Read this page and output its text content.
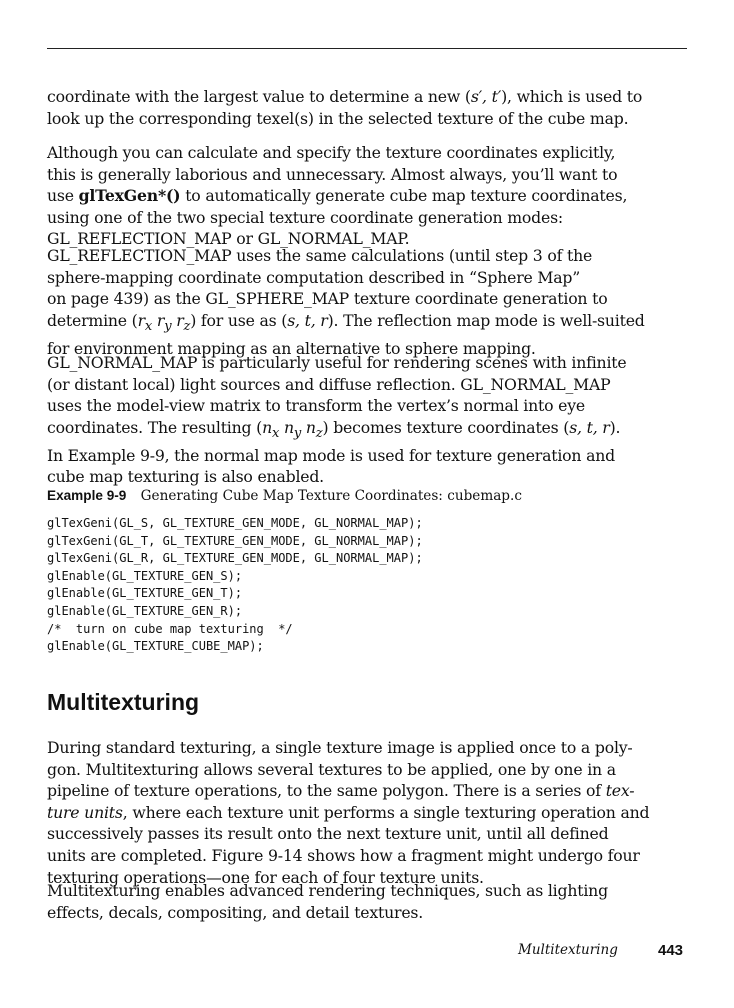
coordinate with the largest value to determine a new (s′, t′), which is used to
look up the corresponding texel(s) in the selected texture of the cube map.
Although you can calculate and specify the texture coordinates explicitly,
this is generally laborious and unnecessary. Almost always, you’ll want to
use glTexGen*() to automatically generate cube map texture coordinates,
using one of the two special texture coordinate generation modes:
GL_REFLECTION_MAP or GL_NORMAL_MAP.
GL_REFLECTION_MAP uses the same calculations (until step 3 of the
sphere-mapping coordinate computation described in “Sphere Map”
on page 439) as the GL_SPHERE_MAP texture coordinate generation to
determine ($r_x$ $r_y$ $r_z$) for use as (s, t, r). The reflection map mode is well-suited
for environment mapping as an alternative to sphere mapping.
GL_NORMAL_MAP is particularly useful for rendering scenes with infinite
(or distant local) light sources and diffuse reflection. GL_NORMAL_MAP
uses the model-view matrix to transform the vertex’s normal into eye
coordinates. The resulting ($n_x$ $n_y$ $n_z$) becomes texture coordinates (s, t, r).
In Example 9-9, the normal map mode is used for texture generation and
cube map texturing is also enabled.
Example 9-9 Generating Cube Map Texture Coordinates: cubemap.c
glTexGeni(GL_S, GL_TEXTURE_GEN_MODE, GL_NORMAL_MAP);
glTexGeni(GL_T, GL_TEXTURE_GEN_MODE, GL_NORMAL_MAP);
glTexGeni(GL_R, GL_TEXTURE_GEN_MODE, GL_NORMAL_MAP);
glEnable(GL_TEXTURE_GEN_S);
glEnable(GL_TEXTURE_GEN_T);
glEnable(GL_TEXTURE_GEN_R);
/*  turn on cube map texturing  */
glEnable(GL_TEXTURE_CUBE_MAP);
Multitexturing
During standard texturing, a single texture image is applied once to a poly-
gon. Multitexturing allows several textures to be applied, one by one in a
pipeline of texture operations, to the same polygon. There is a series of tex-
ture units, where each texture unit performs a single texturing operation and
successively passes its result onto the next texture unit, until all defined
units are completed. Figure 9-14 shows how a fragment might undergo four
texturing operations—one for each of four texture units.
Multitexturing enables advanced rendering techniques, such as lighting
effects, decals, compositing, and detail textures.
Multitexturing	443
